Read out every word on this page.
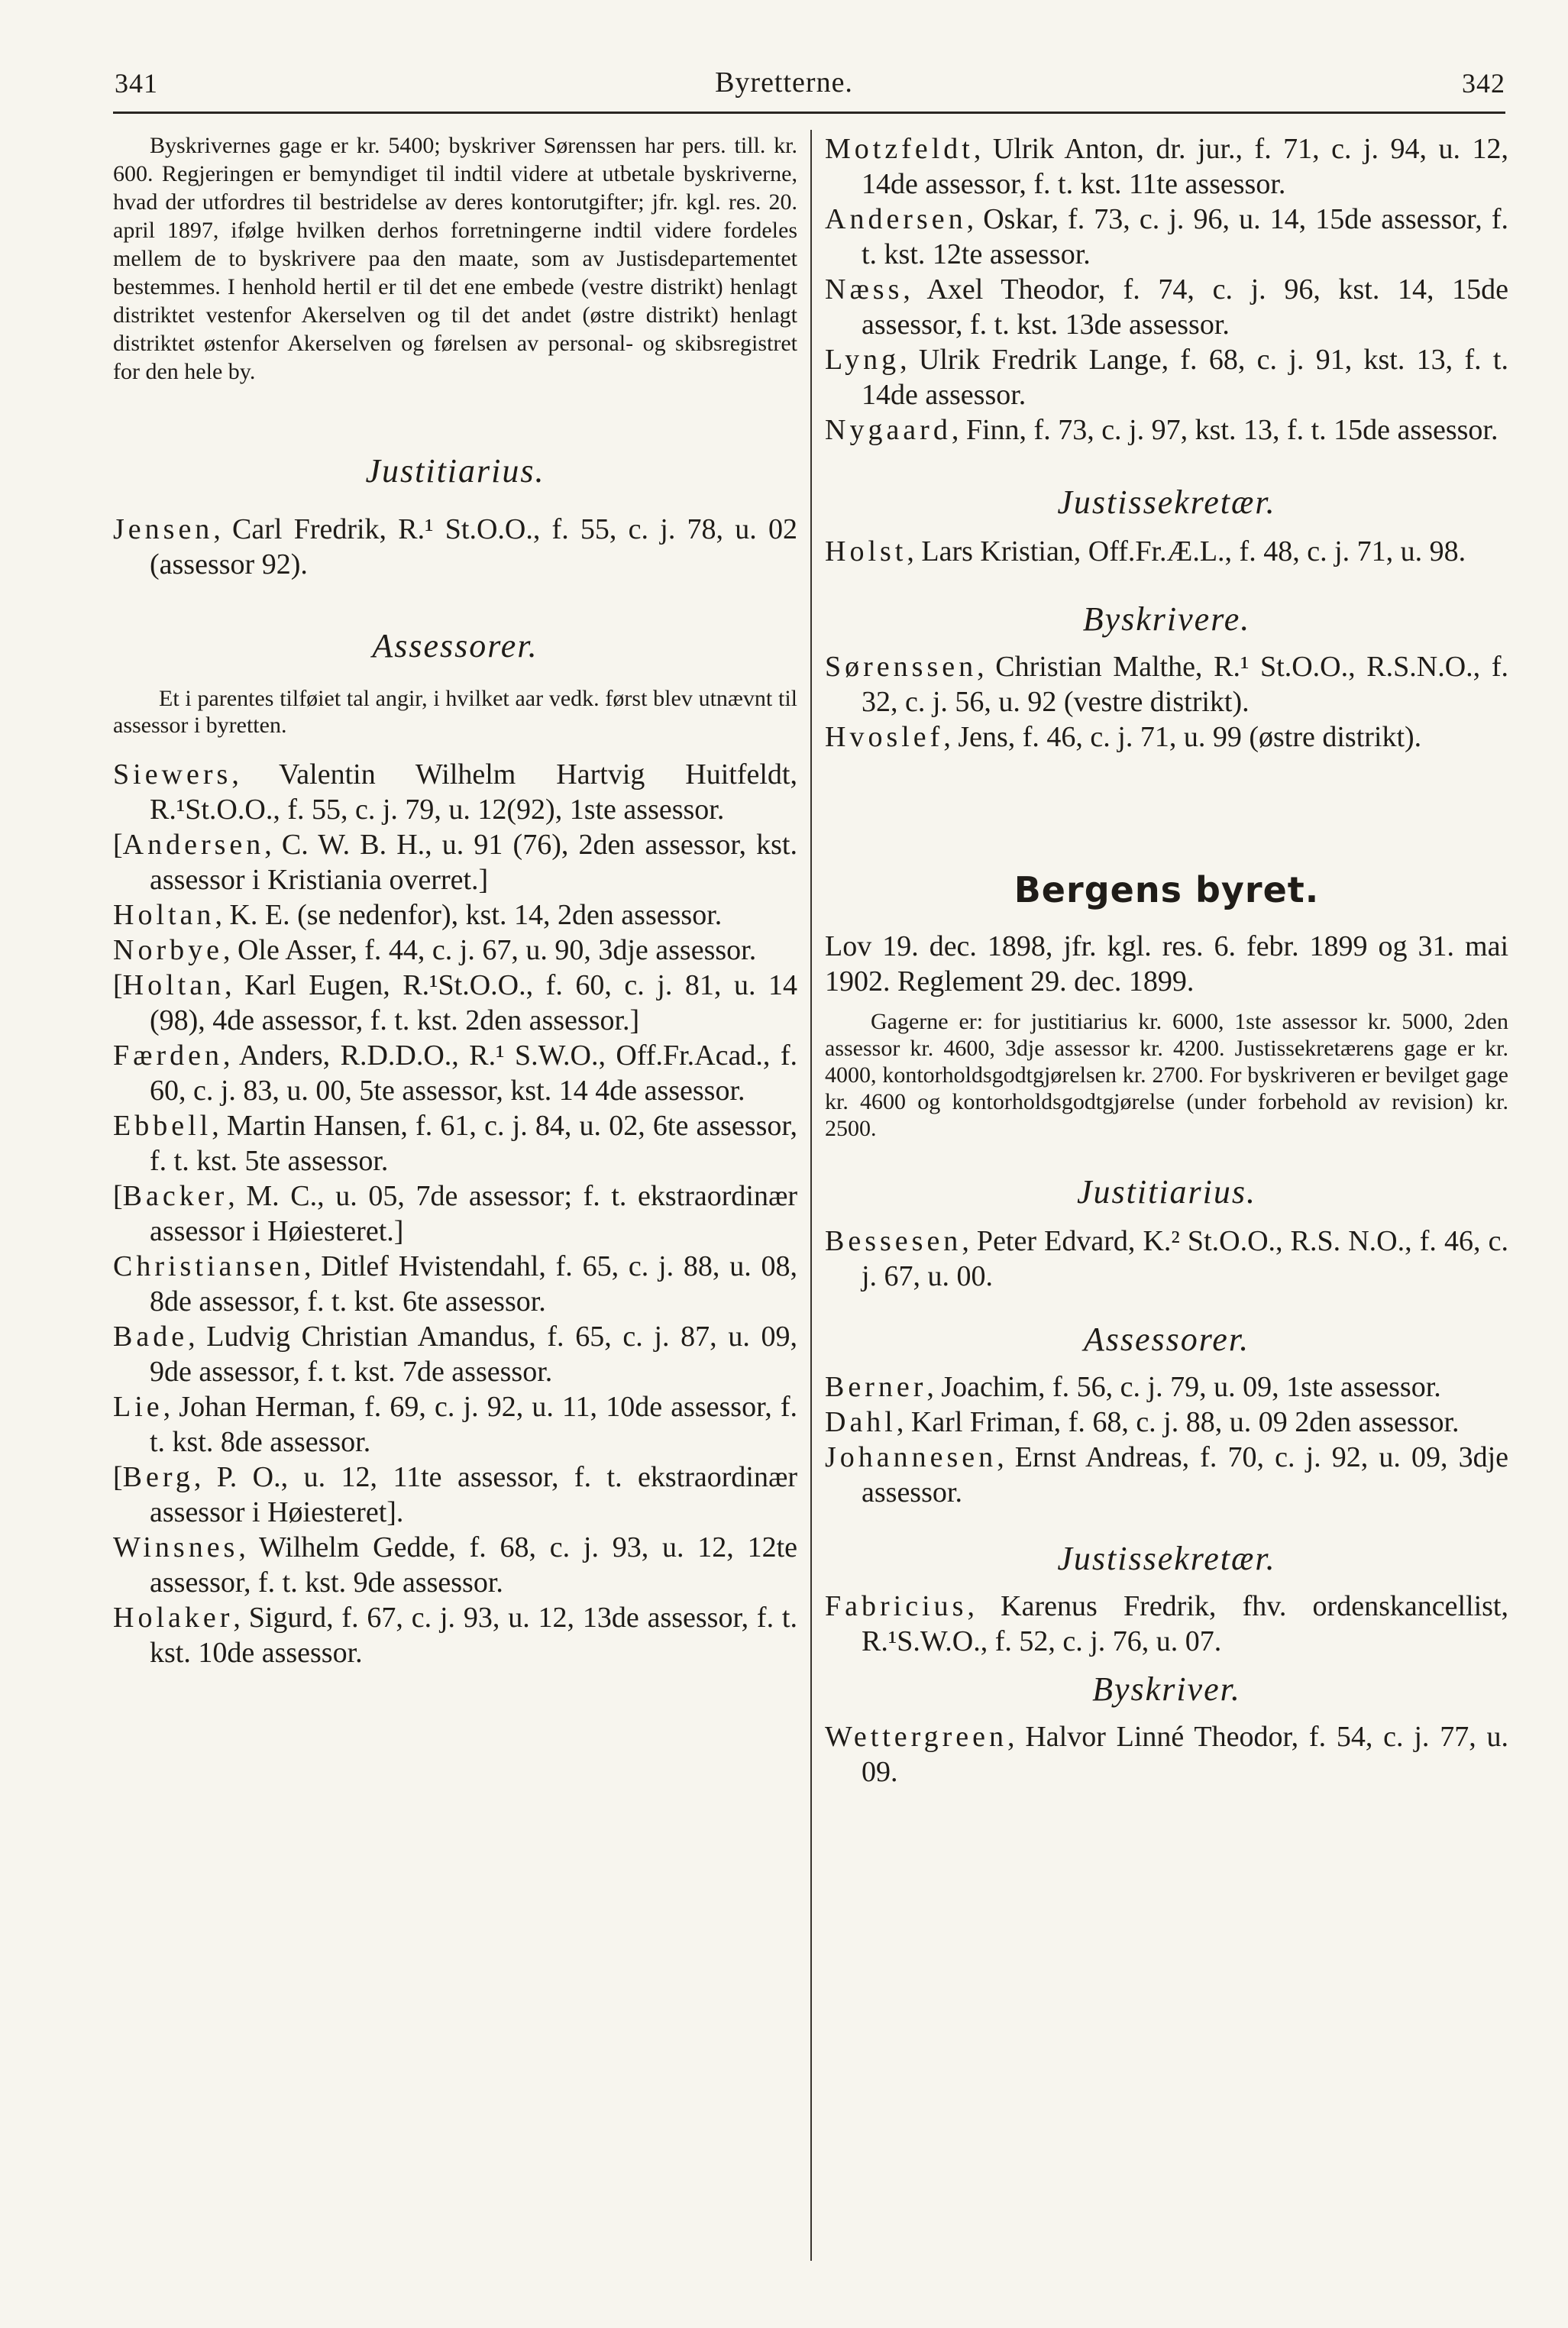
341	Byretterne.	342

Byskrivernes gage er kr. 5400; byskriver Sørenssen har pers. till. kr. 600. Regjeringen er bemyndiget til indtil videre at utbetale byskriverne, hvad der utfordres til bestridelse av deres kontorutgifter; jfr. kgl. res. 20. april 1897, ifølge hvilken derhos forretningerne indtil videre fordeles mellem de to byskrivere paa den maate, som av Justisdepartementet bestemmes. I henhold hertil er til det ene embede (vestre distrikt) henlagt distriktet vestenfor Akerselven og til det andet (østre distrikt) henlagt distriktet østenfor Akerselven og førelsen av personal- og skibsregistret for den hele by.

Justitiarius.

Jensen, Carl Fredrik, R.¹ St.O.O., f. 55, c. j. 78, u. 02 (assessor 92).

Assessorer.

Et i parentes tilføiet tal angir, i hvilket aar vedk. først blev utnævnt til assessor i byretten.

Siewers, Valentin Wilhelm Hartvig Huitfeldt, R.¹St.O.O., f. 55, c. j. 79, u. 12(92), 1ste assessor.

[Andersen, C. W. B. H., u. 91 (76), 2den assessor, kst. assessor i Kristiania overret.]

Holtan, K. E. (se nedenfor), kst. 14, 2den assessor.

Norbye, Ole Asser, f. 44, c. j. 67, u. 90, 3dje assessor.

[Holtan, Karl Eugen, R.¹St.O.O., f. 60, c. j. 81, u. 14 (98), 4de assessor, f. t. kst. 2den assessor.]

Færden, Anders, R.D.D.O., R.¹ S.W.O., Off.Fr.Acad., f. 60, c. j. 83, u. 00, 5te assessor, kst. 14 4de assessor.

Ebbell, Martin Hansen, f. 61, c. j. 84, u. 02, 6te assessor, f. t. kst. 5te assessor.

[Backer, M. C., u. 05, 7de assessor; f. t. ekstraordinær assessor i Høiesteret.]

Christiansen, Ditlef Hvistendahl, f. 65, c. j. 88, u. 08, 8de assessor, f. t. kst. 6te assessor.

Bade, Ludvig Christian Amandus, f. 65, c. j. 87, u. 09, 9de assessor, f. t. kst. 7de assessor.

Lie, Johan Herman, f. 69, c. j. 92, u. 11, 10de assessor, f. t. kst. 8de assessor.

[Berg, P. O., u. 12, 11te assessor, f. t. ekstraordinær assessor i Høiesteret].

Winsnes, Wilhelm Gedde, f. 68, c. j. 93, u. 12, 12te assessor, f. t. kst. 9de assessor.

Holaker, Sigurd, f. 67, c. j. 93, u. 12, 13de assessor, f. t. kst. 10de assessor.

Motzfeldt, Ulrik Anton, dr. jur., f. 71, c. j. 94, u. 12, 14de assessor, f. t. kst. 11te assessor.

Andersen, Oskar, f. 73, c. j. 96, u. 14, 15de assessor, f. t. kst. 12te assessor.

Næss, Axel Theodor, f. 74, c. j. 96, kst. 14, 15de assessor, f. t. kst. 13de assessor.

Lyng, Ulrik Fredrik Lange, f. 68, c. j. 91, kst. 13, f. t. 14de assessor.

Nygaard, Finn, f. 73, c. j. 97, kst. 13, f. t. 15de assessor.

Justissekretær.

Holst, Lars Kristian, Off.Fr.Æ.L., f. 48, c. j. 71, u. 98.

Byskrivere.

Sørenssen, Christian Malthe, R.¹ St.O.O., R.S.N.O., f. 32, c. j. 56, u. 92 (vestre distrikt).

Hvoslef, Jens, f. 46, c. j. 71, u. 99 (østre distrikt).

Bergens byret.

Lov 19. dec. 1898, jfr. kgl. res. 6. febr. 1899 og 31. mai 1902. Reglement 29. dec. 1899.

Gagerne er: for justitiarius kr. 6000, 1ste assessor kr. 5000, 2den assessor kr. 4600, 3dje assessor kr. 4200. Justissekretærens gage er kr. 4000, kontorholdsgodtgjørelsen kr. 2700. For byskriveren er bevilget gage kr. 4600 og kontorholdsgodtgjørelse (under forbehold av revision) kr. 2500.

Justitiarius.

Bessesen, Peter Edvard, K.² St.O.O., R.S. N.O., f. 46, c. j. 67, u. 00.

Assessorer.

Berner, Joachim, f. 56, c. j. 79, u. 09, 1ste assessor.

Dahl, Karl Friman, f. 68, c. j. 88, u. 09 2den assessor.

Johannesen, Ernst Andreas, f. 70, c. j. 92, u. 09, 3dje assessor.

Justissekretær.

Fabricius, Karenus Fredrik, fhv. ordenskancellist, R.¹S.W.O., f. 52, c. j. 76, u. 07.

Byskriver.

Wettergreen, Halvor Linné Theodor, f. 54, c. j. 77, u. 09.
